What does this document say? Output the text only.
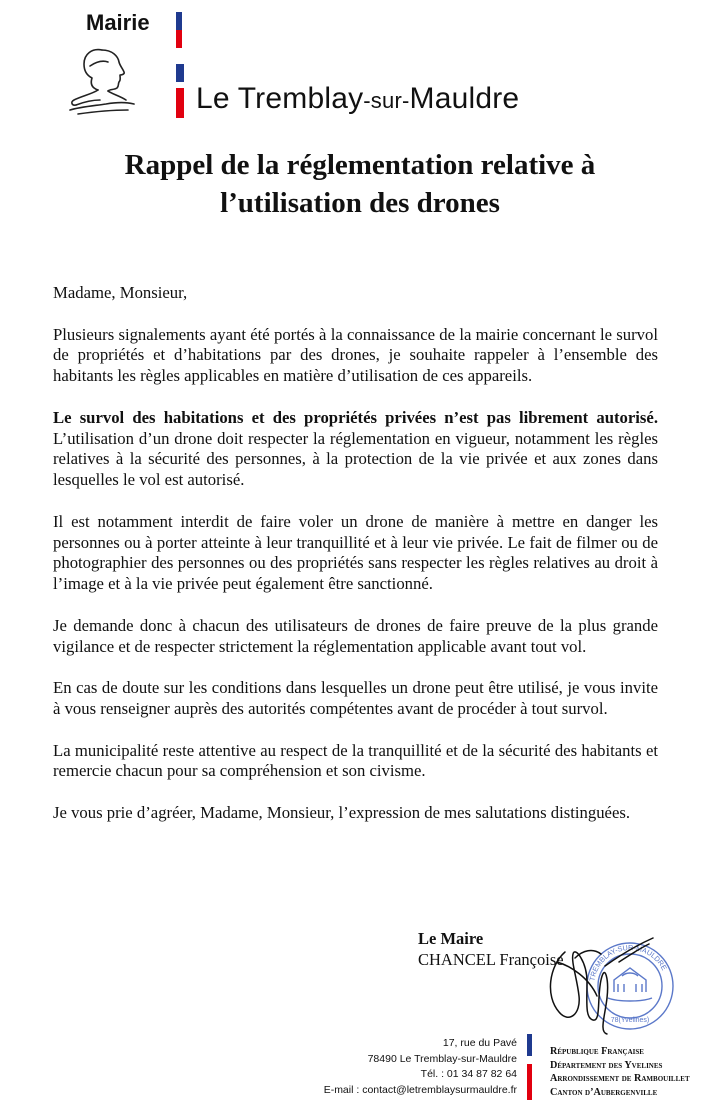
Mairie
Le Tremblay-sur-Mauldre
Rappel de la réglementation relative à
l’utilisation des drones

Madame, Monsieur,

Plusieurs signalements ayant été portés à la connaissance de la mairie concernant le survol de propriétés et d’habitations par des drones, je souhaite rappeler à l’ensemble des habitants les règles applicables en matière d’utilisation de ces appareils.

Le survol des habitations et des propriétés privées n’est pas librement autorisé. L’utilisation d’un drone doit respecter la réglementation en vigueur, notamment les règles relatives à la sécurité des personnes, à la protection de la vie privée et aux zones dans lesquelles le vol est autorisé.

Il est notamment interdit de faire voler un drone de manière à mettre en danger les personnes ou à porter atteinte à leur tranquillité et à leur vie privée. Le fait de filmer ou de photographier des personnes ou des propriétés sans respecter les règles relatives au droit à l’image et à la vie privée peut également être sanctionné.

Je demande donc à chacun des utilisateurs de drones de faire preuve de la plus grande vigilance et de respecter strictement la réglementation applicable avant tout vol.

En cas de doute sur les conditions dans lesquelles un drone peut être utilisé, je vous invite à vous renseigner auprès des autorités compétentes avant de procéder à tout survol.

La municipalité reste attentive au respect de la tranquillité et de la sécurité des habitants et remercie chacun pour sa compréhension et son civisme.

Je vous prie d’agréer, Madame, Monsieur, l’expression de mes salutations distinguées.

Le Maire
CHANCEL Françoise
TREMBLAY-SUR-MAULDRE
78(Yvelines)
17, rue du Pavé
78490 Le Tremblay-sur-Mauldre
Tél. : 01 34 87 82 64
E-mail : contact@letremblaysurmauldre.fr
République Française
Département des Yvelines
Arrondissement de Rambouillet
Canton d’Aubergenville
